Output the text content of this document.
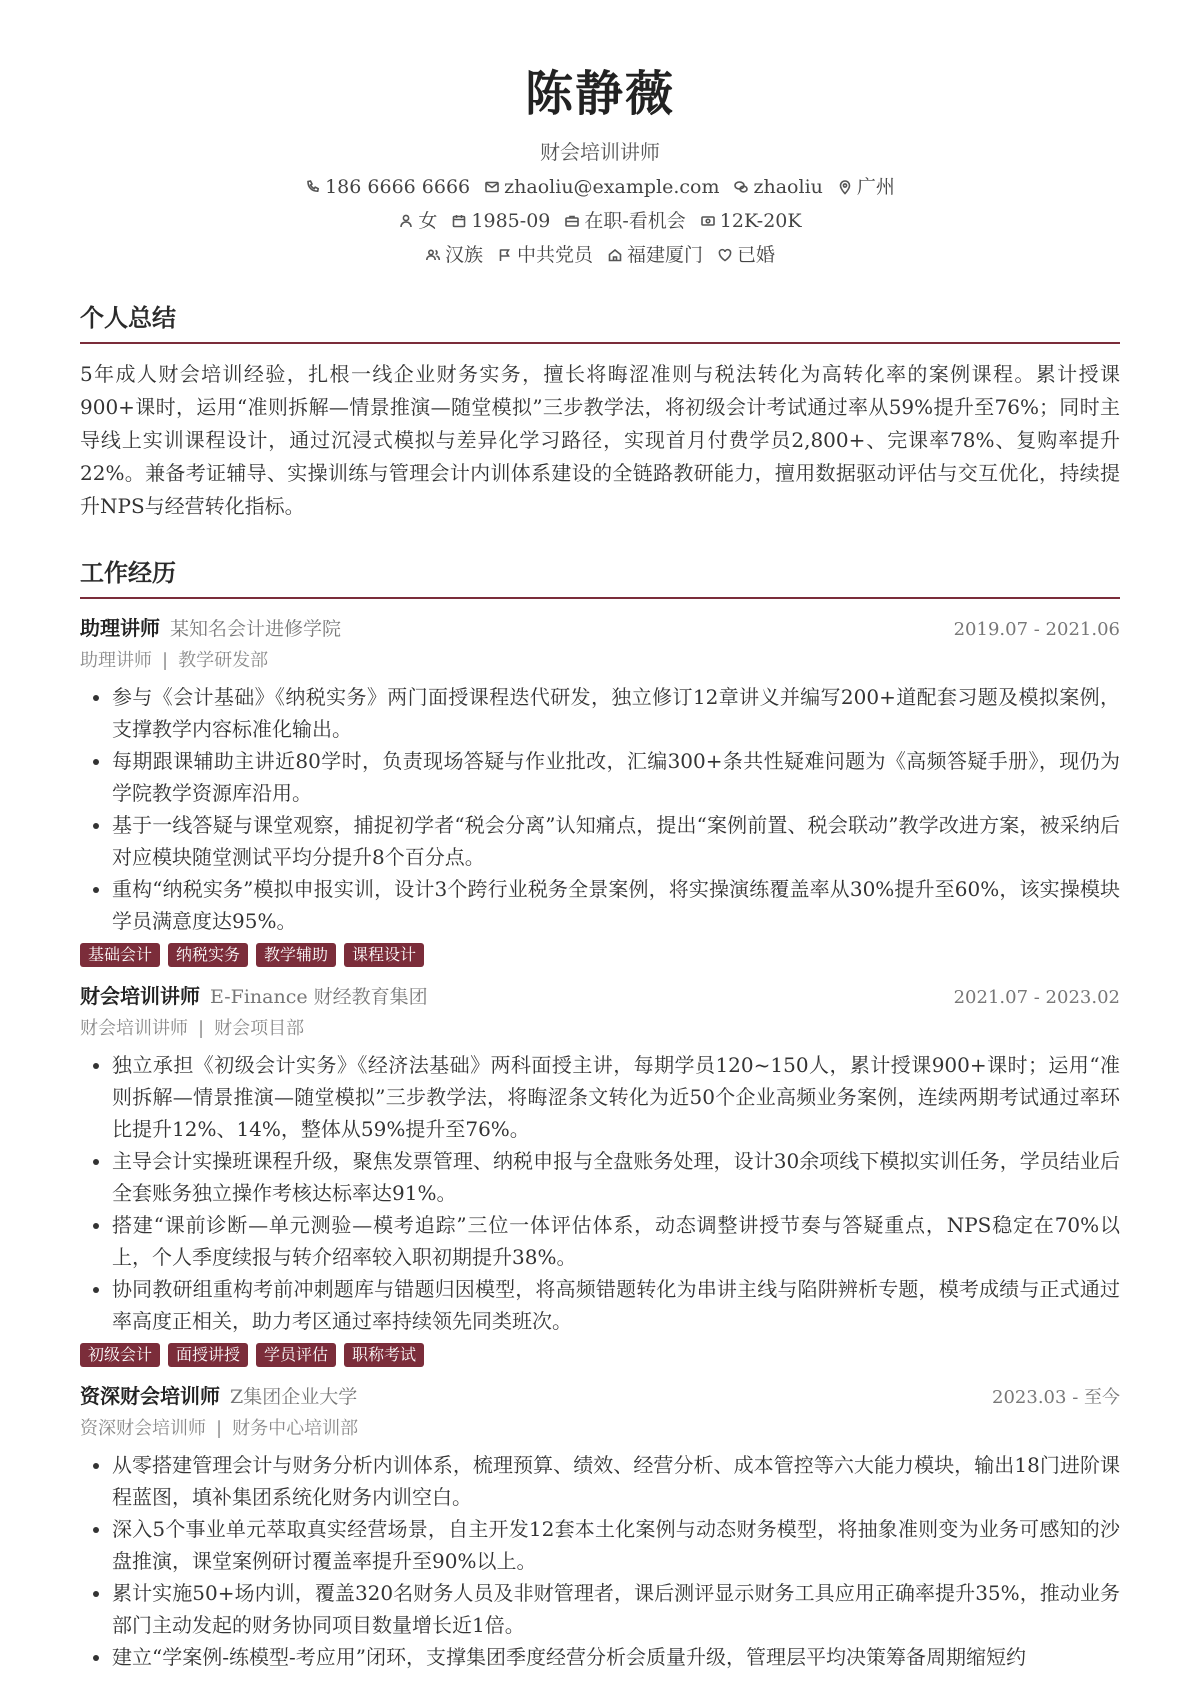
陈静薇
财会培训讲师
186 6666 6666 zhaoliu@example.com zhaoliu 广州
女 1985-09 在职-看机会 12K-20K
汉族 中共党员 福建厦门 已婚
个人总结
5年成人财会培训经验，扎根一线企业财务实务，擅长将晦涩准则与税法转化为高转化率的案例课程。累计授课900+课时，运用“准则拆解—情景推演—随堂模拟”三步教学法，将初级会计考试通过率从59%提升至76%；同时主导线上实训课程设计，通过沉浸式模拟与差异化学习路径，实现首月付费学员2,800+、完课率78%、复购率提升22%。兼备考证辅导、实操训练与管理会计内训体系建设的全链路教研能力，擅用数据驱动评估与交互优化，持续提升NPS与经营转化指标。
工作经历
助理讲师 某知名会计进修学院	2019.07 - 2021.06
助理讲师 | 教学研发部
• 参与《会计基础》《纳税实务》两门面授课程迭代研发，独立修订12章讲义并编写200+道配套习题及模拟案例，支撑教学内容标准化输出。
• 每期跟课辅助主讲近80学时，负责现场答疑与作业批改，汇编300+条共性疑难问题为《高频答疑手册》，现仍为学院教学资源库沿用。
• 基于一线答疑与课堂观察，捕捉初学者“税会分离”认知痛点，提出“案例前置、税会联动”教学改进方案，被采纳后对应模块随堂测试平均分提升8个百分点。
• 重构“纳税实务”模拟申报实训，设计3个跨行业税务全景案例，将实操演练覆盖率从30%提升至60%，该实操模块学员满意度达95%。
基础会计	纳税实务	教学辅助	课程设计
财会培训讲师 E-Finance 财经教育集团	2021.07 - 2023.02
财会培训讲师 | 财会项目部
• 独立承担《初级会计实务》《经济法基础》两科面授主讲，每期学员120~150人，累计授课900+课时；运用“准则拆解—情景推演—随堂模拟”三步教学法，将晦涩条文转化为近50个企业高频业务案例，连续两期考试通过率环比提升12%、14%，整体从59%提升至76%。
• 主导会计实操班课程升级，聚焦发票管理、纳税申报与全盘账务处理，设计30余项线下模拟实训任务，学员结业后全套账务独立操作考核达标率达91%。
• 搭建“课前诊断—单元测验—模考追踪”三位一体评估体系，动态调整讲授节奏与答疑重点，NPS稳定在70%以上，个人季度续报与转介绍率较入职初期提升38%。
• 协同教研组重构考前冲刺题库与错题归因模型，将高频错题转化为串讲主线与陷阱辨析专题，模考成绩与正式通过率高度正相关，助力考区通过率持续领先同类班次。
初级会计	面授讲授	学员评估	职称考试
资深财会培训师 Z集团企业大学	2023.03 - 至今
资深财会培训师 | 财务中心培训部
• 从零搭建管理会计与财务分析内训体系，梳理预算、绩效、经营分析、成本管控等六大能力模块，输出18门进阶课程蓝图，填补集团系统化财务内训空白。
• 深入5个事业单元萃取真实经营场景，自主开发12套本土化案例与动态财务模型，将抽象准则变为业务可感知的沙盘推演，课堂案例研讨覆盖率提升至90%以上。
• 累计实施50+场内训，覆盖320名财务人员及非财管理者，课后测评显示财务工具应用正确率提升35%，推动业务部门主动发起的财务协同项目数量增长近1倍。
• 建立“学案例-练模型-考应用”闭环，支撑集团季度经营分析会质量升级，管理层平均决策筹备周期缩短约
